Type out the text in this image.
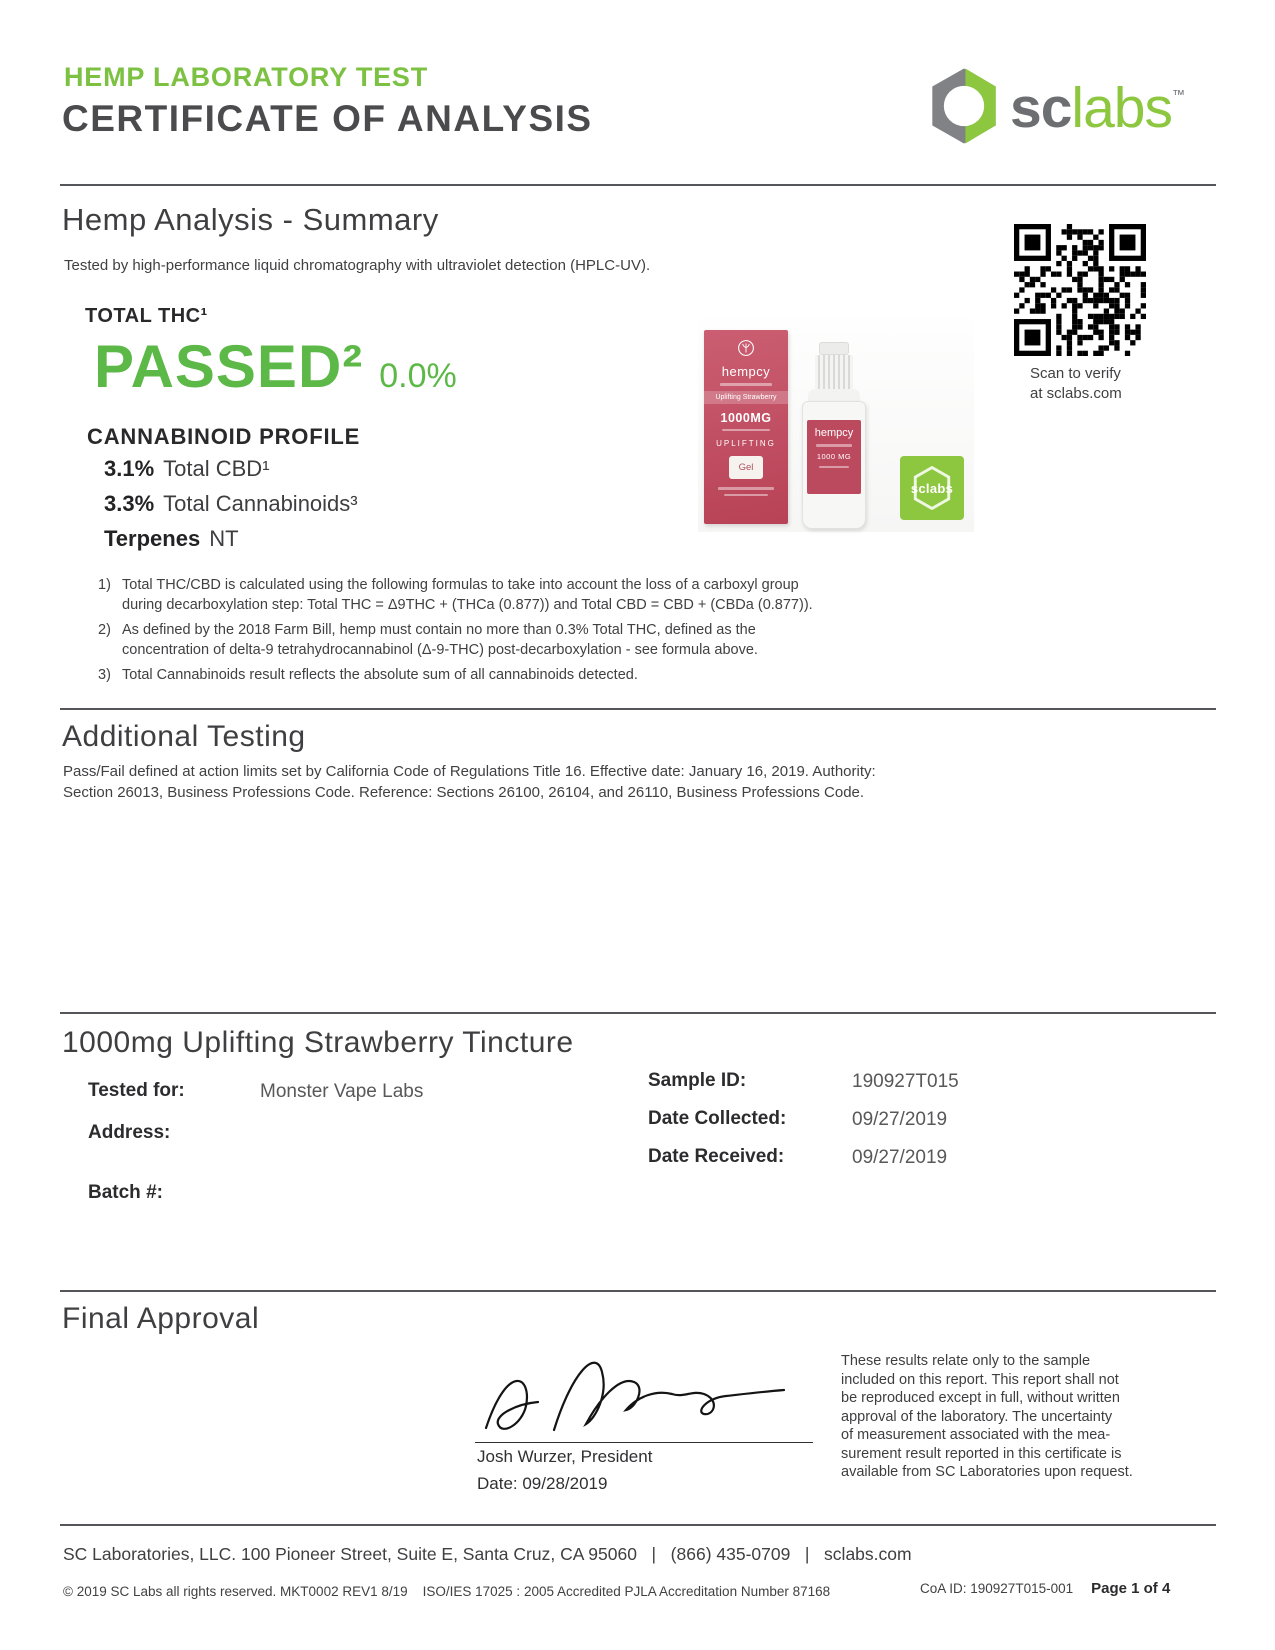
HEMP LABORATORY TEST
CERTIFICATE OF ANALYSIS	sclabs™
Hemp Analysis - Summary
Tested by high-performance liquid chromatography with ultraviolet detection (HPLC-UV).
Scan to verify
at sclabs.com
TOTAL THC¹
PASSED² 0.0%
CANNABINOID PROFILE
3.1% Total CBD¹
3.3% Total Cannabinoids³
Terpenes NT
hempcy
Uplifting Strawberry
1000MG
UPLIFTING
Gel
hempcy
1000 MG
sclabs
1) Total THC/CBD is calculated using the following formulas to take into account the loss of a carboxyl group
during decarboxylation step: Total THC = Δ9THC + (THCa (0.877)) and Total CBD = CBD + (CBDa (0.877)).
2) As defined by the 2018 Farm Bill, hemp must contain no more than 0.3% Total THC, defined as the
concentration of delta-9 tetrahydrocannabinol (Δ-9-THC) post-decarboxylation - see formula above.
3) Total Cannabinoids result reflects the absolute sum of all cannabinoids detected.
Additional Testing
Pass/Fail defined at action limits set by California Code of Regulations Title 16. Effective date: January 16, 2019. Authority:
Section 26013, Business Professions Code. Reference: Sections 26100, 26104, and 26110, Business Professions Code.
1000mg Uplifting Strawberry Tincture
Tested for:	Monster Vape Labs
Address:
Batch #:
Sample ID:	190927T015
Date Collected:	09/27/2019
Date Received:	09/27/2019
Final Approval
Josh Wurzer, President
Date: 09/28/2019
These results relate only to the sample
included on this report. This report shall not
be reproduced except in full, without written
approval of the laboratory. The uncertainty
of measurement associated with the mea-
surement result reported in this certificate is
available from SC Laboratories upon request.
SC Laboratories, LLC. 100 Pioneer Street, Suite E, Santa Cruz, CA 95060   |   (866) 435-0709   |   sclabs.com
© 2019 SC Labs all rights reserved. MKT0002 REV1 8/19    ISO/IES 17025 : 2005 Accredited PJLA Accreditation Number 87168	CoA ID: 190927T015-001 Page 1 of 4
